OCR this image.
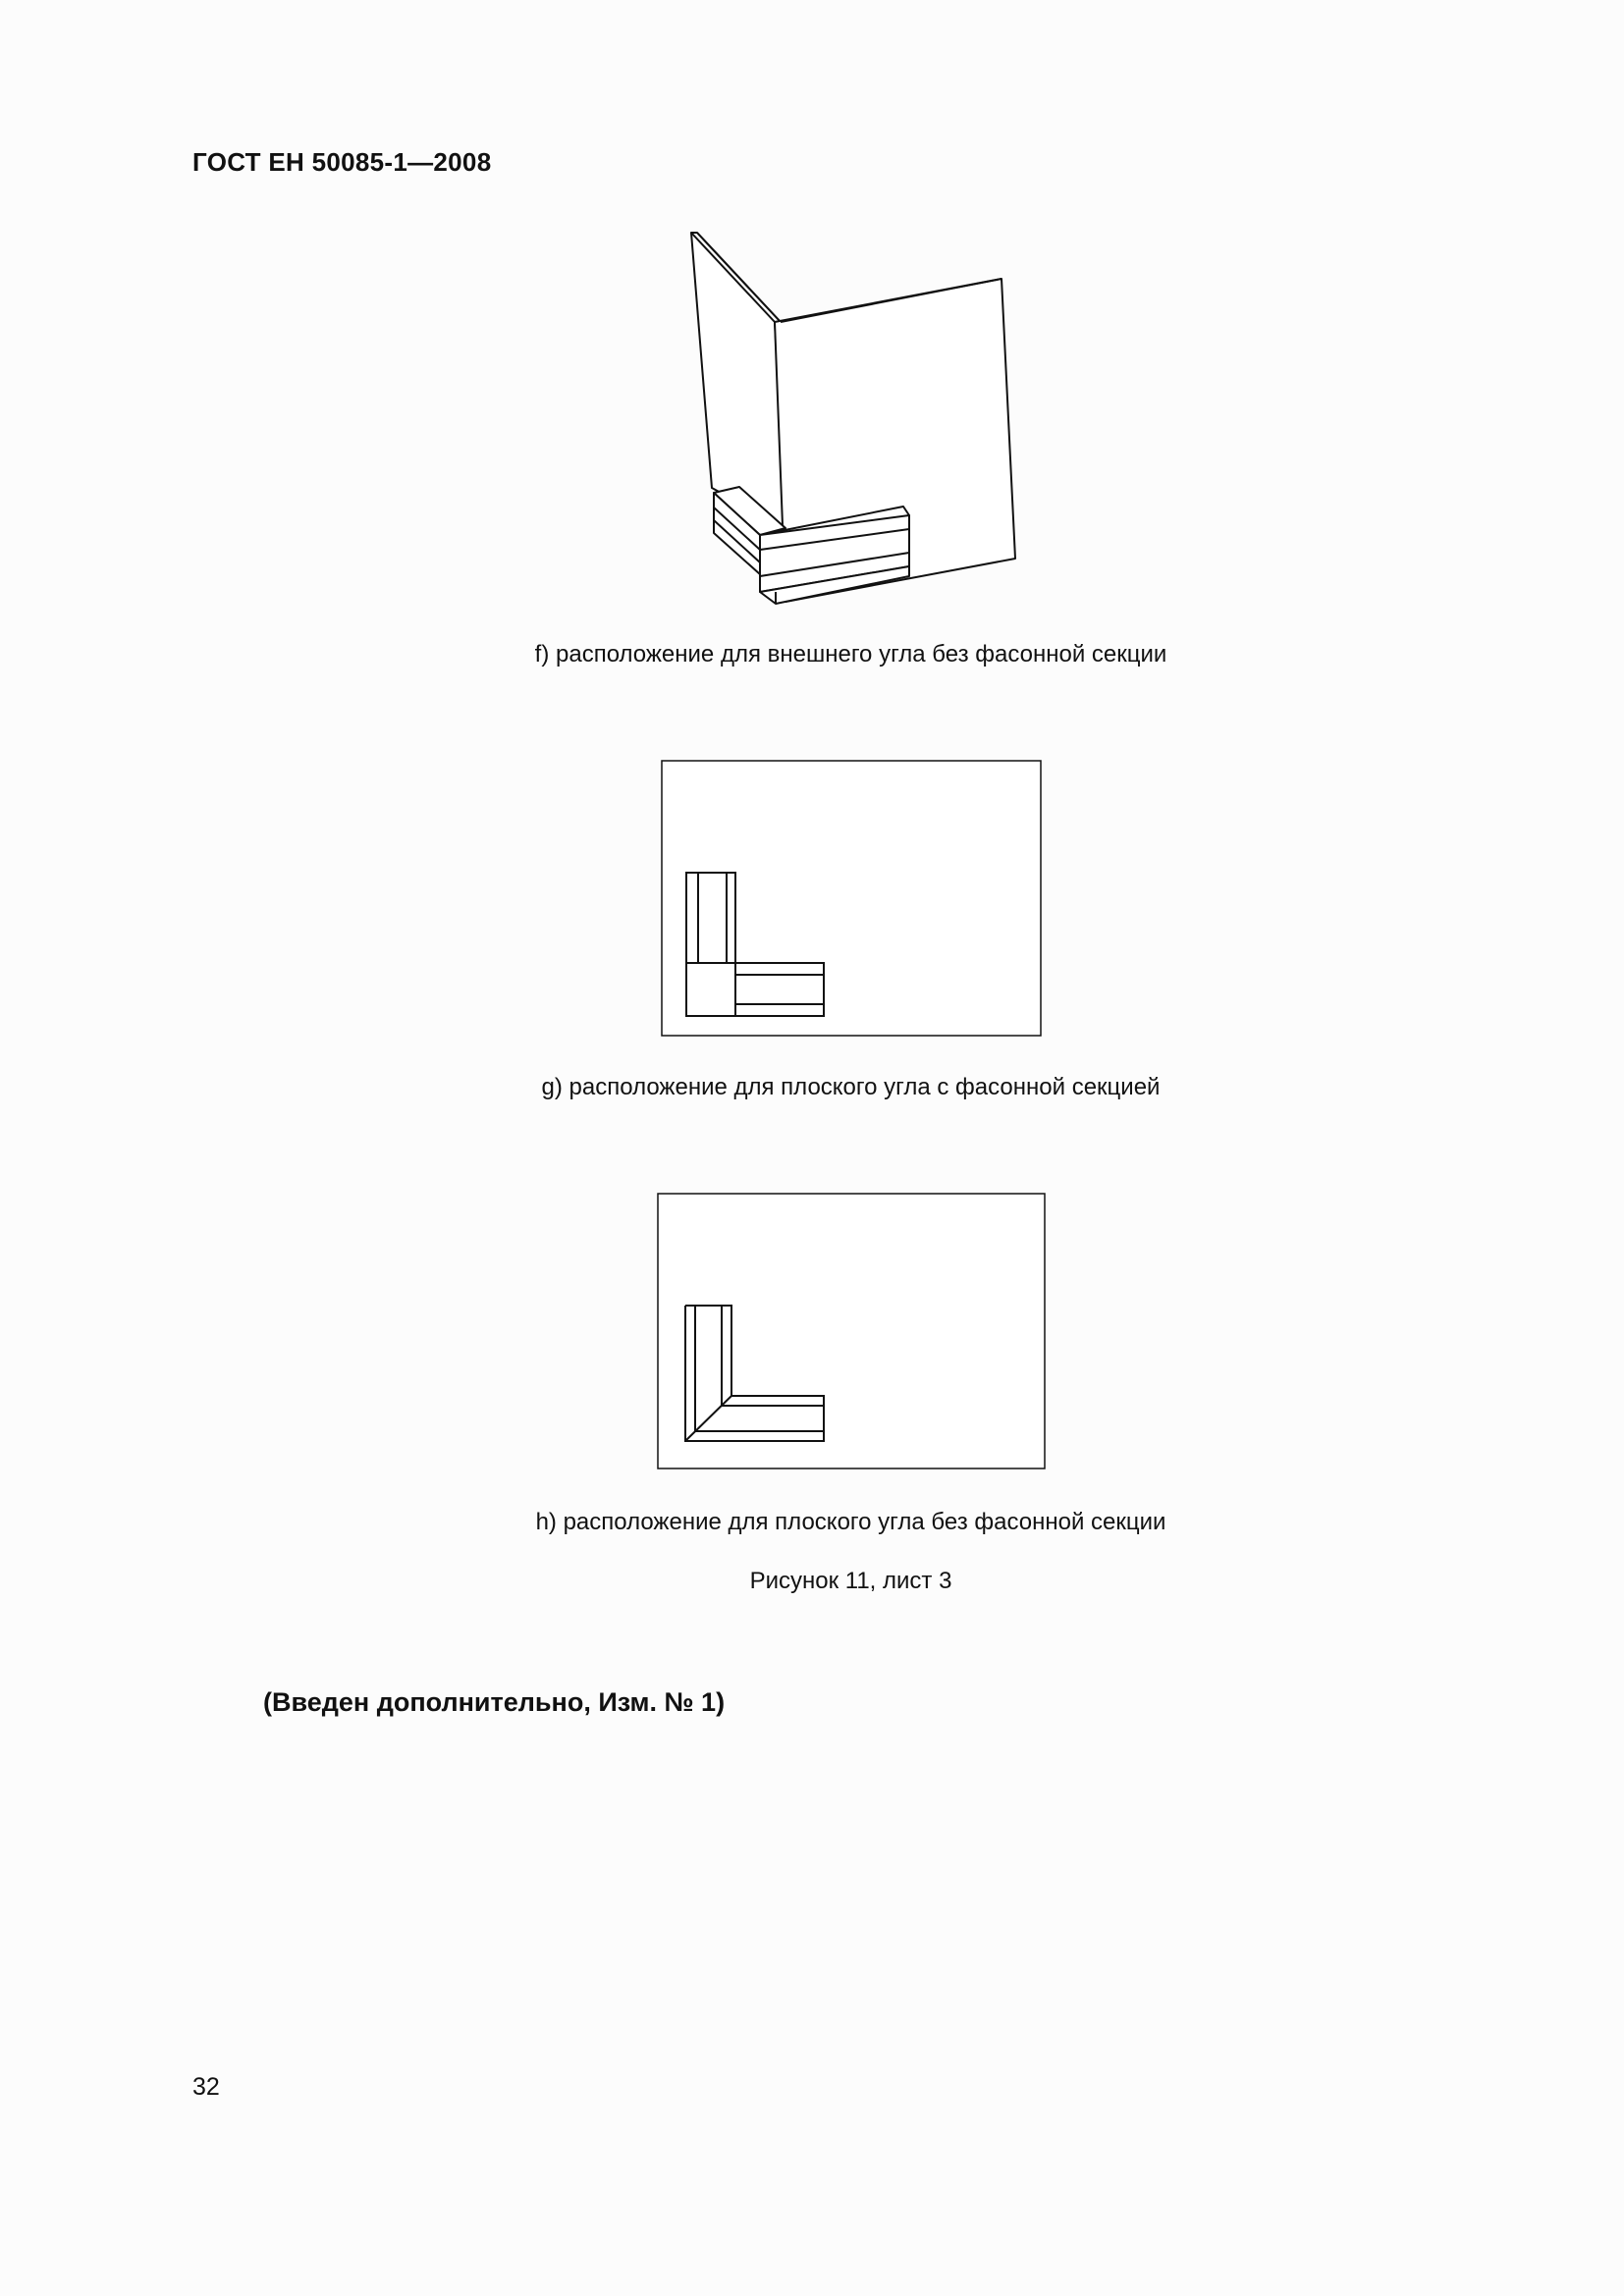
ГОСТ ЕН 50085-1—2008
f) расположение для внешнего угла без фасонной секции
g) расположение для плоского угла с фасонной секцией
h) расположение для плоского угла без фасонной секции
Рисунок 11, лист 3
(Введен дополнительно, Изм. № 1)
32
